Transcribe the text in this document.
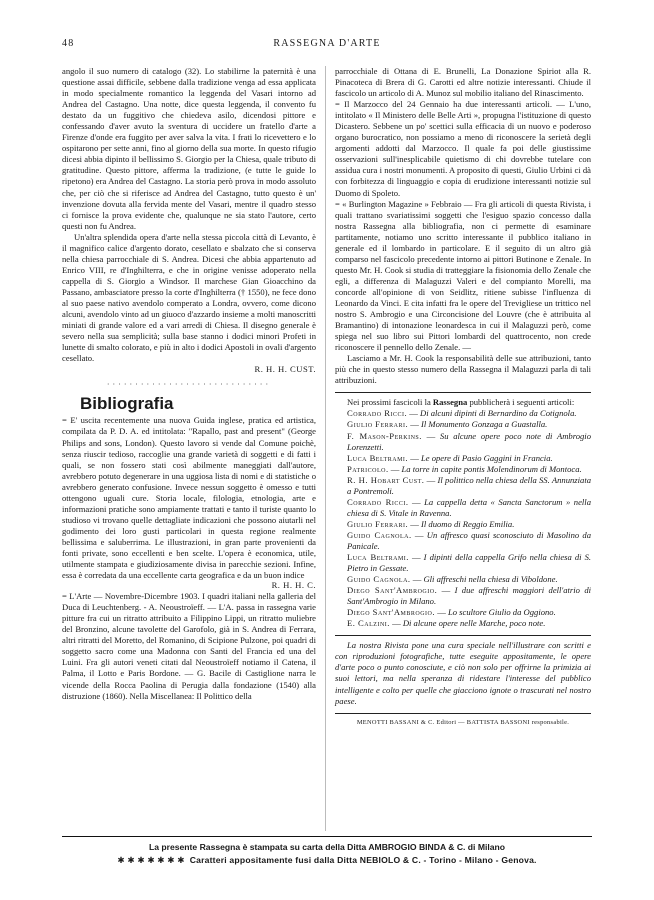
48	RASSEGNA D'ARTE

angolo il suo numero di catalogo (32). Lo stabilirne la paternità è una questione assai difficile, sebbene dalla tradizione venga ad essa applicata in modo specialmente romantico la leggenda del Vasari intorno ad Andrea del Castagno. Una notte, dice questa leggenda, il convento fu destato da un fuggitivo che chiedeva asilo, dicendosi pittore e confessando d'aver avuto la sventura di uccidere un fratello d'arte a Firenze d'onde era fuggito per aver salva la vita. I frati lo ricevettero e lo ospitarono per sette anni, fino al giorno della sua morte. In questo rifugio dicesi abbia dipinto il bellissimo S. Giorgio per la Chiesa, quale tributo di gratitudine. Questo pittore, afferma la tradizione, (e tutte le guide lo ripetono) era Andrea del Castagno. La storia però prova in modo assoluto che, per ciò che si riferisce ad Andrea del Castagno, tutto questo è un' invenzione dovuta alla fervida mente del Vasari, mentre il quadro stesso ci fornisce la prova evidente che, qualunque ne sia stato l'autore, certo questi non fu Andrea.

Un'altra splendida opera d'arte nella stessa piccola città di Levanto, è il magnifico calice d'argento dorato, cesellato e sbalzato che si conserva nella chiesa parrocchiale di S. Andrea. Dicesi che abbia appartenuto ad Enrico VIII, re d'Inghilterra, e che in origine venisse adoperato nella cappella di S. Giorgio a Windsor. Il marchese Gian Gioacchino da Passano, ambasciatore presso la corte d'Inghilterra († 1550), ne fece dono al suo paese nativo avendolo comperato a Londra, ovvero, come dicono alcuni, avendolo vinto ad un giuoco d'azzardo insieme a molti manoscritti miniati di grande valore ed a vari arredi di Chiesa. Il disegno generale è severo nella sua semplicità; sulla base stanno i dodici minori Profeti in lunette di smalto colorato, e più in alto i dodici Apostoli in ovali d'argento cesellato.

R. H. H. CUST.

·····························
Bibliografia

= E' uscita recentemente una nuova Guida inglese, pratica ed artistica, compilata da P. D. A. ed intitolata: "Rapallo, past and present" (George Philips and sons, London). Questo lavoro si vende dal Comune poichè, senza riuscir tedioso, raccoglie una grande varietà di soggetti e di fatti i quali, se non fossero stati così abilmente maneggiati dall'autore, avrebbero potuto degenerare in una uggiosa lista di nomi e di statistiche o avrebbero generato confusione. Invece nessun soggetto è omesso e tutti ottengono uguali cure. Storia locale, filologia, etnologia, arte e informazioni pratiche sono ampiamente trattati e tanto il turiste quanto lo studioso vi trovano quelle dettagliate indicazioni che possono aiutarli nel godimento dei loro gusti particolari in questa regione realmente bellissima e saluberrima. Le illustrazioni, in gran parte provenienti da fonti private, sono eccellenti e ben scelte. L'opera è economica, utile, utilmente stampata e giudiziosamente divisa in parecchie sezioni. Infine, essa è corredata da una eccellente carta geografica e da un buon indice

R. H. H. C.

= L'Arte — Novembre-Dicembre 1903. I quadri italiani nella galleria del Duca di Leuchtenberg. - A. Neoustroïeff. — L'A. passa in rassegna varie pitture fra cui un ritratto attribuito a Filippino Lippi, un ritratto muliebre del Bronzino, alcune tavolette del Garofolo, già in S. Andrea di Ferrara, altri ritratti del Moretto, del Romanino, di Scipione Pulzone, poi quadri di soggetto sacro come una Madonna con Santi del Francia ed una del Luini. Fra gli autori veneti citati dal Neoustroïeff notiamo il Catena, il Palma, il Lotto e Paris Bordone. — G. Bacile di Castiglione narra le vicende della Rocca Paolina di Perugia dalla fondazione (1540) alla distruzione (1860). Nella Miscellanea: Il Polittico della

parrocchiale di Ottana di E. Brunelli, La Donazione Spiriot alla R. Pinacoteca di Brera di G. Carotti ed altre notizie interessanti. Chiude il fascicolo un articolo di A. Munoz sul mobilio italiano del Rinascimento.

= Il Marzocco del 24 Gennaio ha due interessanti articoli. — L'uno, intitolato « Il Ministero delle Belle Arti », propugna l'istituzione di questo Dicastero. Sebbene un po' scettici sulla efficacia di un nuovo e poderoso organo burocratico, non possiamo a meno di riconoscere la serietà degli argomenti addotti dal Marzocco. Il quale fa poi delle giustissime osservazioni sull'inesplicabile quietismo di chi dovrebbe tutelare con assidua cura i nostri monumenti. A proposito di questi, Giulio Urbini ci dà con forbitezza di linguaggio e copia di erudizione interessanti notizie sul Duomo di Spoleto.

= « Burlington Magazine » Febbraio — Fra gli articoli di questa Rivista, i quali trattano svariatissimi soggetti che l'esiguo spazio concesso dalla nostra Rassegna alla bibliografia, non ci permette di esaminare partitamente, notiamo uno scritto interessante il pubblico italiano in generale ed il lombardo in particolare. E il seguito di un altro già comparso nel fascicolo precedente intorno ai pittori Butinone e Zenale. In questo Mr. H. Cook si studia di tratteggiare la fisionomia dello Zenale che egli, a differenza di Malaguzzi Valeri e del compianto Morelli, ma concorde all'opinione di von Seidlitz, ritiene subisse l'influenza di Leonardo da Vinci. E cita infatti fra le opere del Trevigliese un trittico nel nostro S. Ambrogio e una Circoncisione del Louvre (che è attribuita al Bramantino) di intonazione leonardesca in cui il Malaguzzi però, come spiega nel suo libro sui Pittori lombardi del quattrocento, non crede riconoscere il pennello dello Zenale. —

Lasciamo a Mr. H. Cook la responsabilità delle sue attribuzioni, tanto più che in questo stesso numero della Rassegna il Malaguzzi parla di tali attribuzioni.

Nei prossimi fascicoli la Rassegna pubblicherà i seguenti articoli:

Corrado Ricci. — Di alcuni dipinti di Bernardino da Cotignola.

Giulio Ferrari. — Il Monumento Gonzaga a Guastalla.

F. Mason-Perkins. — Su alcune opere poco note di Ambrogio Lorenzetti.

Luca Beltrami. — Le opere di Pasio Gaggini in Francia.

Patricolo. — La torre in capite pontis Molendinorum di Montoca.

R. H. Hobart Cust. — Il polittico nella chiesa della SS. Annunziata a Pontremoli.

Corrado Ricci. — La cappella detta « Sancta Sanctorum » nella chiesa di S. Vitale in Ravenna.

Giulio Ferrari. — Il duomo di Reggio Emilia.

Guido Cagnola. — Un affresco quasi sconosciuto di Masolino da Panicale.

Luca Beltrami. — I dipinti della cappella Grifo nella chiesa di S. Pietro in Gessate.

Guido Cagnola. — Gli affreschi nella chiesa di Viboldone.

Diego Sant'Ambrogio. — I due affreschi maggiori dell'atrio di Sant'Ambrogio in Milano.

Diego Sant'Ambrogio. — Lo scultore Giulio da Oggiono.

E. Calzini. — Di alcune opere nelle Marche, poco note.

La nostra Rivista pone una cura speciale nell'illustrare con scritti e con riproduzioni fotografiche, tutte eseguite appositamente, le opere d'arte poco o punto conosciute, e ciò non solo per offrirne la primizia ai suoi lettori, ma nella speranza di ridestare l'interesse del pubblico intelligente e colto per quelle che giacciono ignote o trascurati nel nostro paese.

MENOTTI BASSANI & C. Editori — BATTISTA BASSONI responsabile.
La presente Rassegna è stampata su carta della Ditta AMBROGIO BINDA & C. di Milano
✱ ✱ ✱ ✱ ✱ ✱ ✱ Caratteri appositamente fusi dalla Ditta NEBIOLO & C. - Torino - Milano - Genova.
